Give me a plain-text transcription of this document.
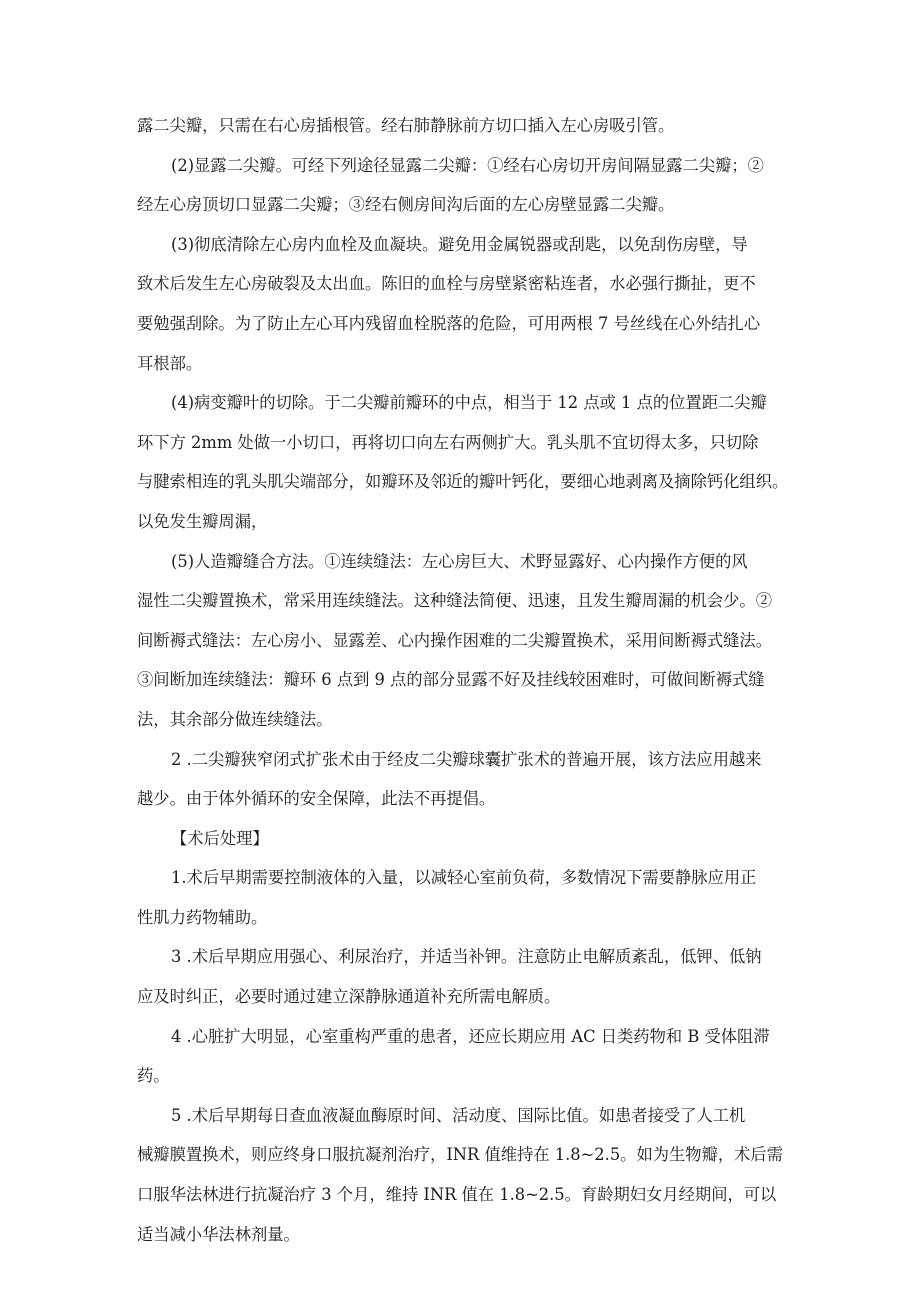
露二尖瓣，只需在右心房插根管。经右肺静脉前方切口插入左心房吸引管。
(2)显露二尖瓣。可经下列途径显露二尖瓣：①经右心房切开房间隔显露二尖瓣；②
经左心房顶切口显露二尖瓣；③经右侧房间沟后面的左心房壁显露二尖瓣。
(3)彻底清除左心房内血栓及血凝块。避免用金属锐器或刮匙，以免刮伤房壁，导
致术后发生左心房破裂及太出血。陈旧的血栓与房壁紧密粘连者，水必强行撕扯，更不
要勉强刮除。为了防止左心耳内残留血栓脱落的危险，可用两根 7 号丝线在心外结扎心
耳根部。
(4)病变瓣叶的切除。于二尖瓣前瓣环的中点，相当于 12 点或 1 点的位置距二尖瓣
环下方 2mm 处做一小切口，再将切口向左右两侧扩大。乳头肌不宜切得太多，只切除
与腱索相连的乳头肌尖端部分，如瓣环及邻近的瓣叶钙化，要细心地剥离及摘除钙化组织。
以免发生瓣周漏，
(5)人造瓣缝合方法。①连续缝法：左心房巨大、术野显露好、心内操作方便的风
湿性二尖瓣置换术，常采用连续缝法。这种缝法简便、迅速，且发生瓣周漏的机会少。②
间断褥式缝法：左心房小、显露差、心内操作困难的二尖瓣置换术，采用间断褥式缝法。
③间断加连续缝法：瓣环 6 点到 9 点的部分显露不好及挂线较困难时，可做间断褥式缝
法，其余部分做连续缝法。
2 .二尖瓣狭窄闭式扩张术由于经皮二尖瓣球囊扩张术的普遍开展，该方法应用越来
越少。由于体外循环的安全保障，此法不再提倡。
【术后处理】
1.术后早期需要控制液体的入量，以减轻心室前负荷，多数情况下需要静脉应用正
性肌力药物辅助。
3 .术后早期应用强心、利尿治疗，并适当补钾。注意防止电解质紊乱，低钾、低钠
应及时纠正，必要时通过建立深静脉通道补充所需电解质。
4 .心脏扩大明显，心室重构严重的患者，还应长期应用 AC 日类药物和 B 受体阻滞
药。
5 .术后早期每日查血液凝血酶原时间、活动度、国际比值。如患者接受了人工机
械瓣膜置换术，则应终身口服抗凝剂治疗，INR 值维持在 1.8~2.5。如为生物瓣，术后需
口服华法林进行抗凝治疗 3 个月，维持 INR 值在 1.8~2.5。育龄期妇女月经期间，可以
适当减小华法林剂量。
